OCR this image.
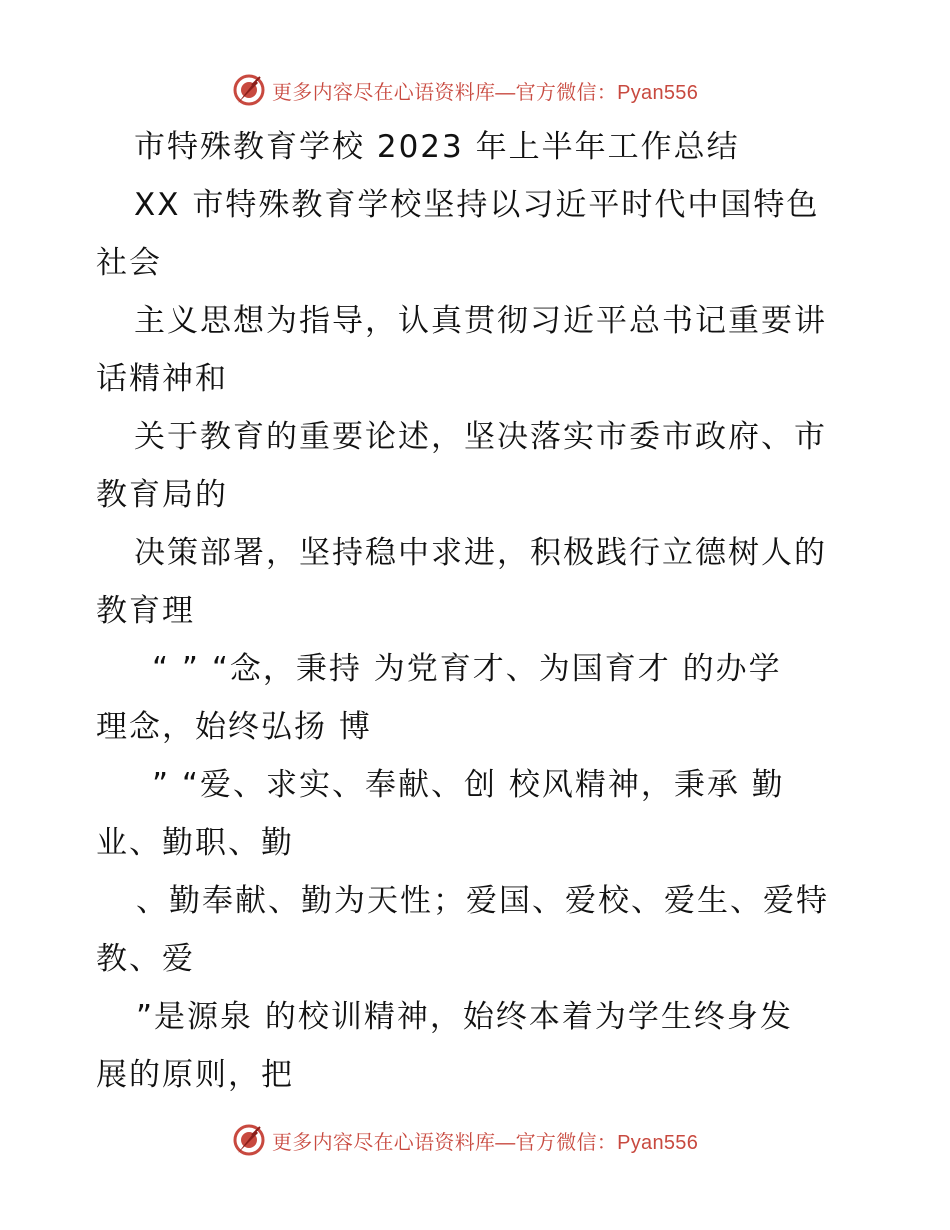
更多内容尽在心语资料库—官方微信：Pyan556
市特殊教育学校 2023 年上半年工作总结
XX 市特殊教育学校坚持以习近平时代中国特色
社会
主义思想为指导，认真贯彻习近平总书记重要讲
话精神和
关于教育的重要论述，坚决落实市委市政府、市
教育局的
决策部署，坚持稳中求进，积极践行立德树人的
教育理
“ ” “念，秉持 为党育才、为国育才 的办学
理念，始终弘扬 博
” “爱、求实、奉献、创 校风精神，秉承 勤
业、勤职、勤
、勤奉献、勤为天性；爱国、爱校、爱生、爱特
教、爱
”是源泉 的校训精神，始终本着为学生终身发
展的原则，把
更多内容尽在心语资料库—官方微信：Pyan556
